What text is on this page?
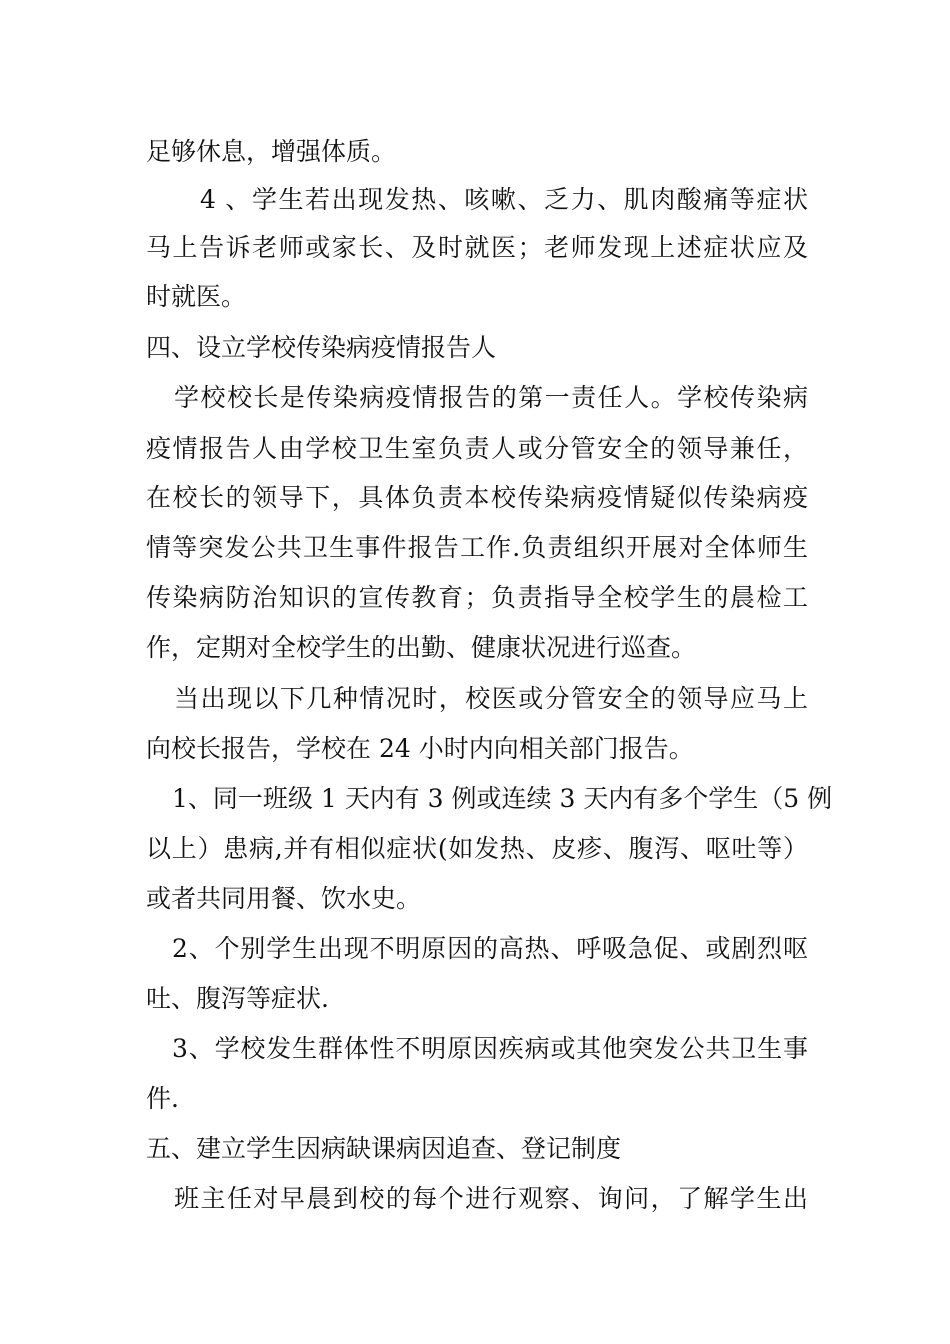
足够休息，增强体质。
4 、学生若出现发热、咳嗽、乏力、肌肉酸痛等症状
马上告诉老师或家长、及时就医；老师发现上述症状应及
时就医。
四、设立学校传染病疫情报告人
学校校长是传染病疫情报告的第一责任人。学校传染病
疫情报告人由学校卫生室负责人或分管安全的领导兼任，
在校长的领导下，具体负责本校传染病疫情疑似传染病疫
情等突发公共卫生事件报告工作.负责组织开展对全体师生
传染病防治知识的宣传教育；负责指导全校学生的晨检工
作，定期对全校学生的出勤、健康状况进行巡查。
当出现以下几种情况时，校医或分管安全的领导应马上
向校长报告，学校在 24 小时内向相关部门报告。
1、同一班级 1 天内有 3 例或连续 3 天内有多个学生（5 例
以上）患病,并有相似症状(如发热、皮疹、腹泻、呕吐等）
或者共同用餐、饮水史。
2、个别学生出现不明原因的高热、呼吸急促、或剧烈呕
吐、腹泻等症状.
3、学校发生群体性不明原因疾病或其他突发公共卫生事
件.
五、建立学生因病缺课病因追查、登记制度
班主任对早晨到校的每个进行观察、询问，了解学生出
